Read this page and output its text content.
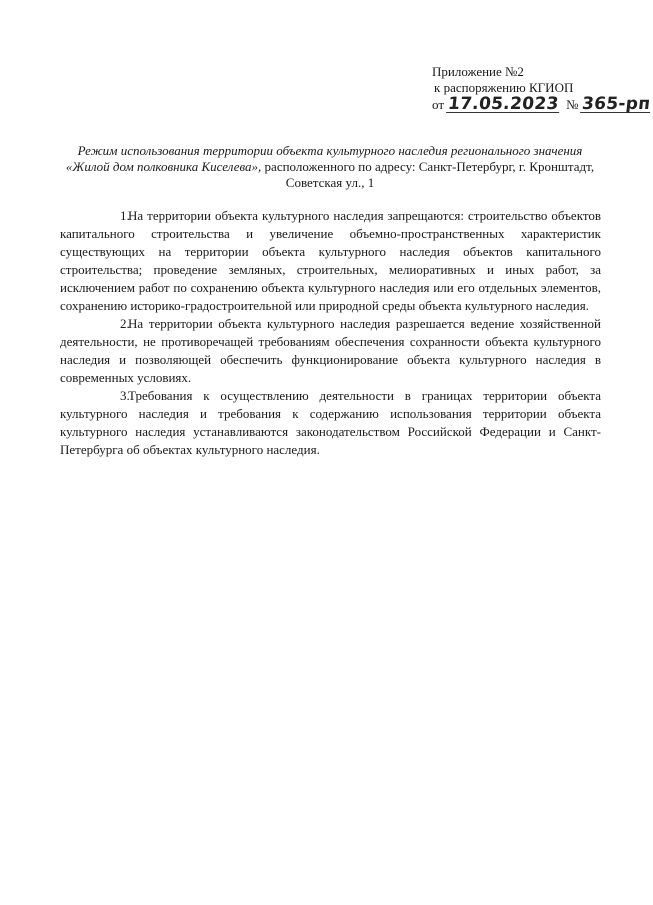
Приложение №2
к распоряжению КГИОП
от 17.05.2023 № 365-рп
Режим использования территории объекта культурного наследия регионального значения
«Жилой дом полковника Киселева», расположенного по адресу: Санкт-Петербург, г. Кронштадт,
Советская ул., 1

1.На территории объекта культурного наследия запрещаются: строительство объектов капитального строительства и увеличение объемно-пространственных характеристик существующих на территории объекта культурного наследия объектов капитального строительства; проведение земляных, строительных, мелиоративных и иных работ, за исключением работ по сохранению объекта культурного наследия или его отдельных элементов, сохранению историко-градостроительной или природной среды объекта культурного наследия.

2.На территории объекта культурного наследия разрешается ведение хозяйственной деятельности, не противоречащей требованиям обеспечения сохранности объекта культурного наследия и позволяющей обеспечить функционирование объекта культурного наследия в современных условиях.

3.Требования к осуществлению деятельности в границах территории объекта культурного наследия и требования к содержанию использования территории объекта культурного наследия устанавливаются законодательством Российской Федерации и Санкт-Петербурга об объектах культурного наследия.
